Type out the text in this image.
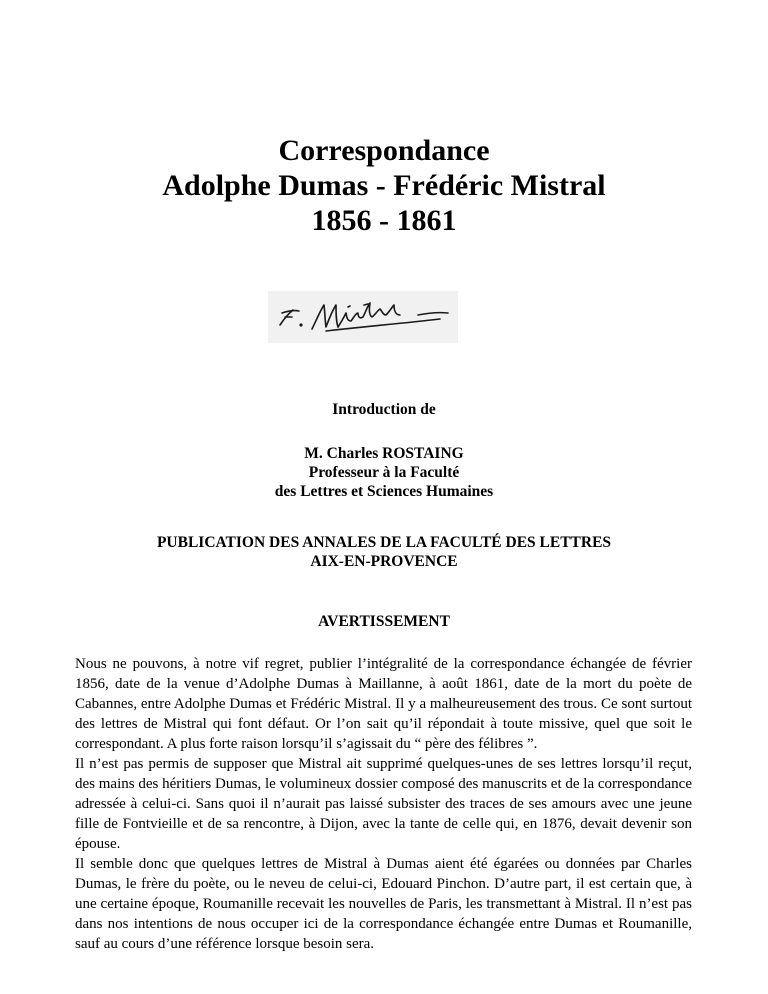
Correspondance
Adolphe Dumas - Frédéric Mistral
1856 - 1861
Introduction de
M. Charles ROSTAING
Professeur à la Faculté
des Lettres et Sciences Humaines
PUBLICATION DES ANNALES DE LA FACULTÉ DES LETTRES
AIX-EN-PROVENCE
AVERTISSEMENT

Nous ne pouvons, à notre vif regret, publier l’intégralité de la correspondance échangée de février 1856, date de la venue d’Adolphe Dumas à Maillanne, à août 1861, date de la mort du poète de Cabannes, entre Adolphe Dumas et Frédéric Mistral. Il y a malheureusement des trous. Ce sont surtout des lettres de Mistral qui font défaut. Or l’on sait qu’il répondait à toute missive, quel que soit le correspondant. A plus forte raison lorsqu’il s’agissait du “ père des félibres ”.

Il n’est pas permis de supposer que Mistral ait supprimé quelques-unes de ses lettres lorsqu’il reçut, des mains des héritiers Dumas, le volumineux dossier composé des manuscrits et de la correspondance adressée à celui-ci. Sans quoi il n’aurait pas laissé subsister des traces de ses amours avec une jeune fille de Fontvieille et de sa rencontre, à Dijon, avec la tante de celle qui, en 1876, devait devenir son épouse.

Il semble donc que quelques lettres de Mistral à Dumas aient été égarées ou données par Charles Dumas, le frère du poète, ou le neveu de celui-ci, Edouard Pinchon. D’autre part, il est certain que, à une certaine époque, Roumanille recevait les nouvelles de Paris, les transmettant à Mistral. Il n’est pas dans nos intentions de nous occuper ici de la correspondance échangée entre Dumas et Roumanille, sauf au cours d’une référence lorsque besoin sera.
